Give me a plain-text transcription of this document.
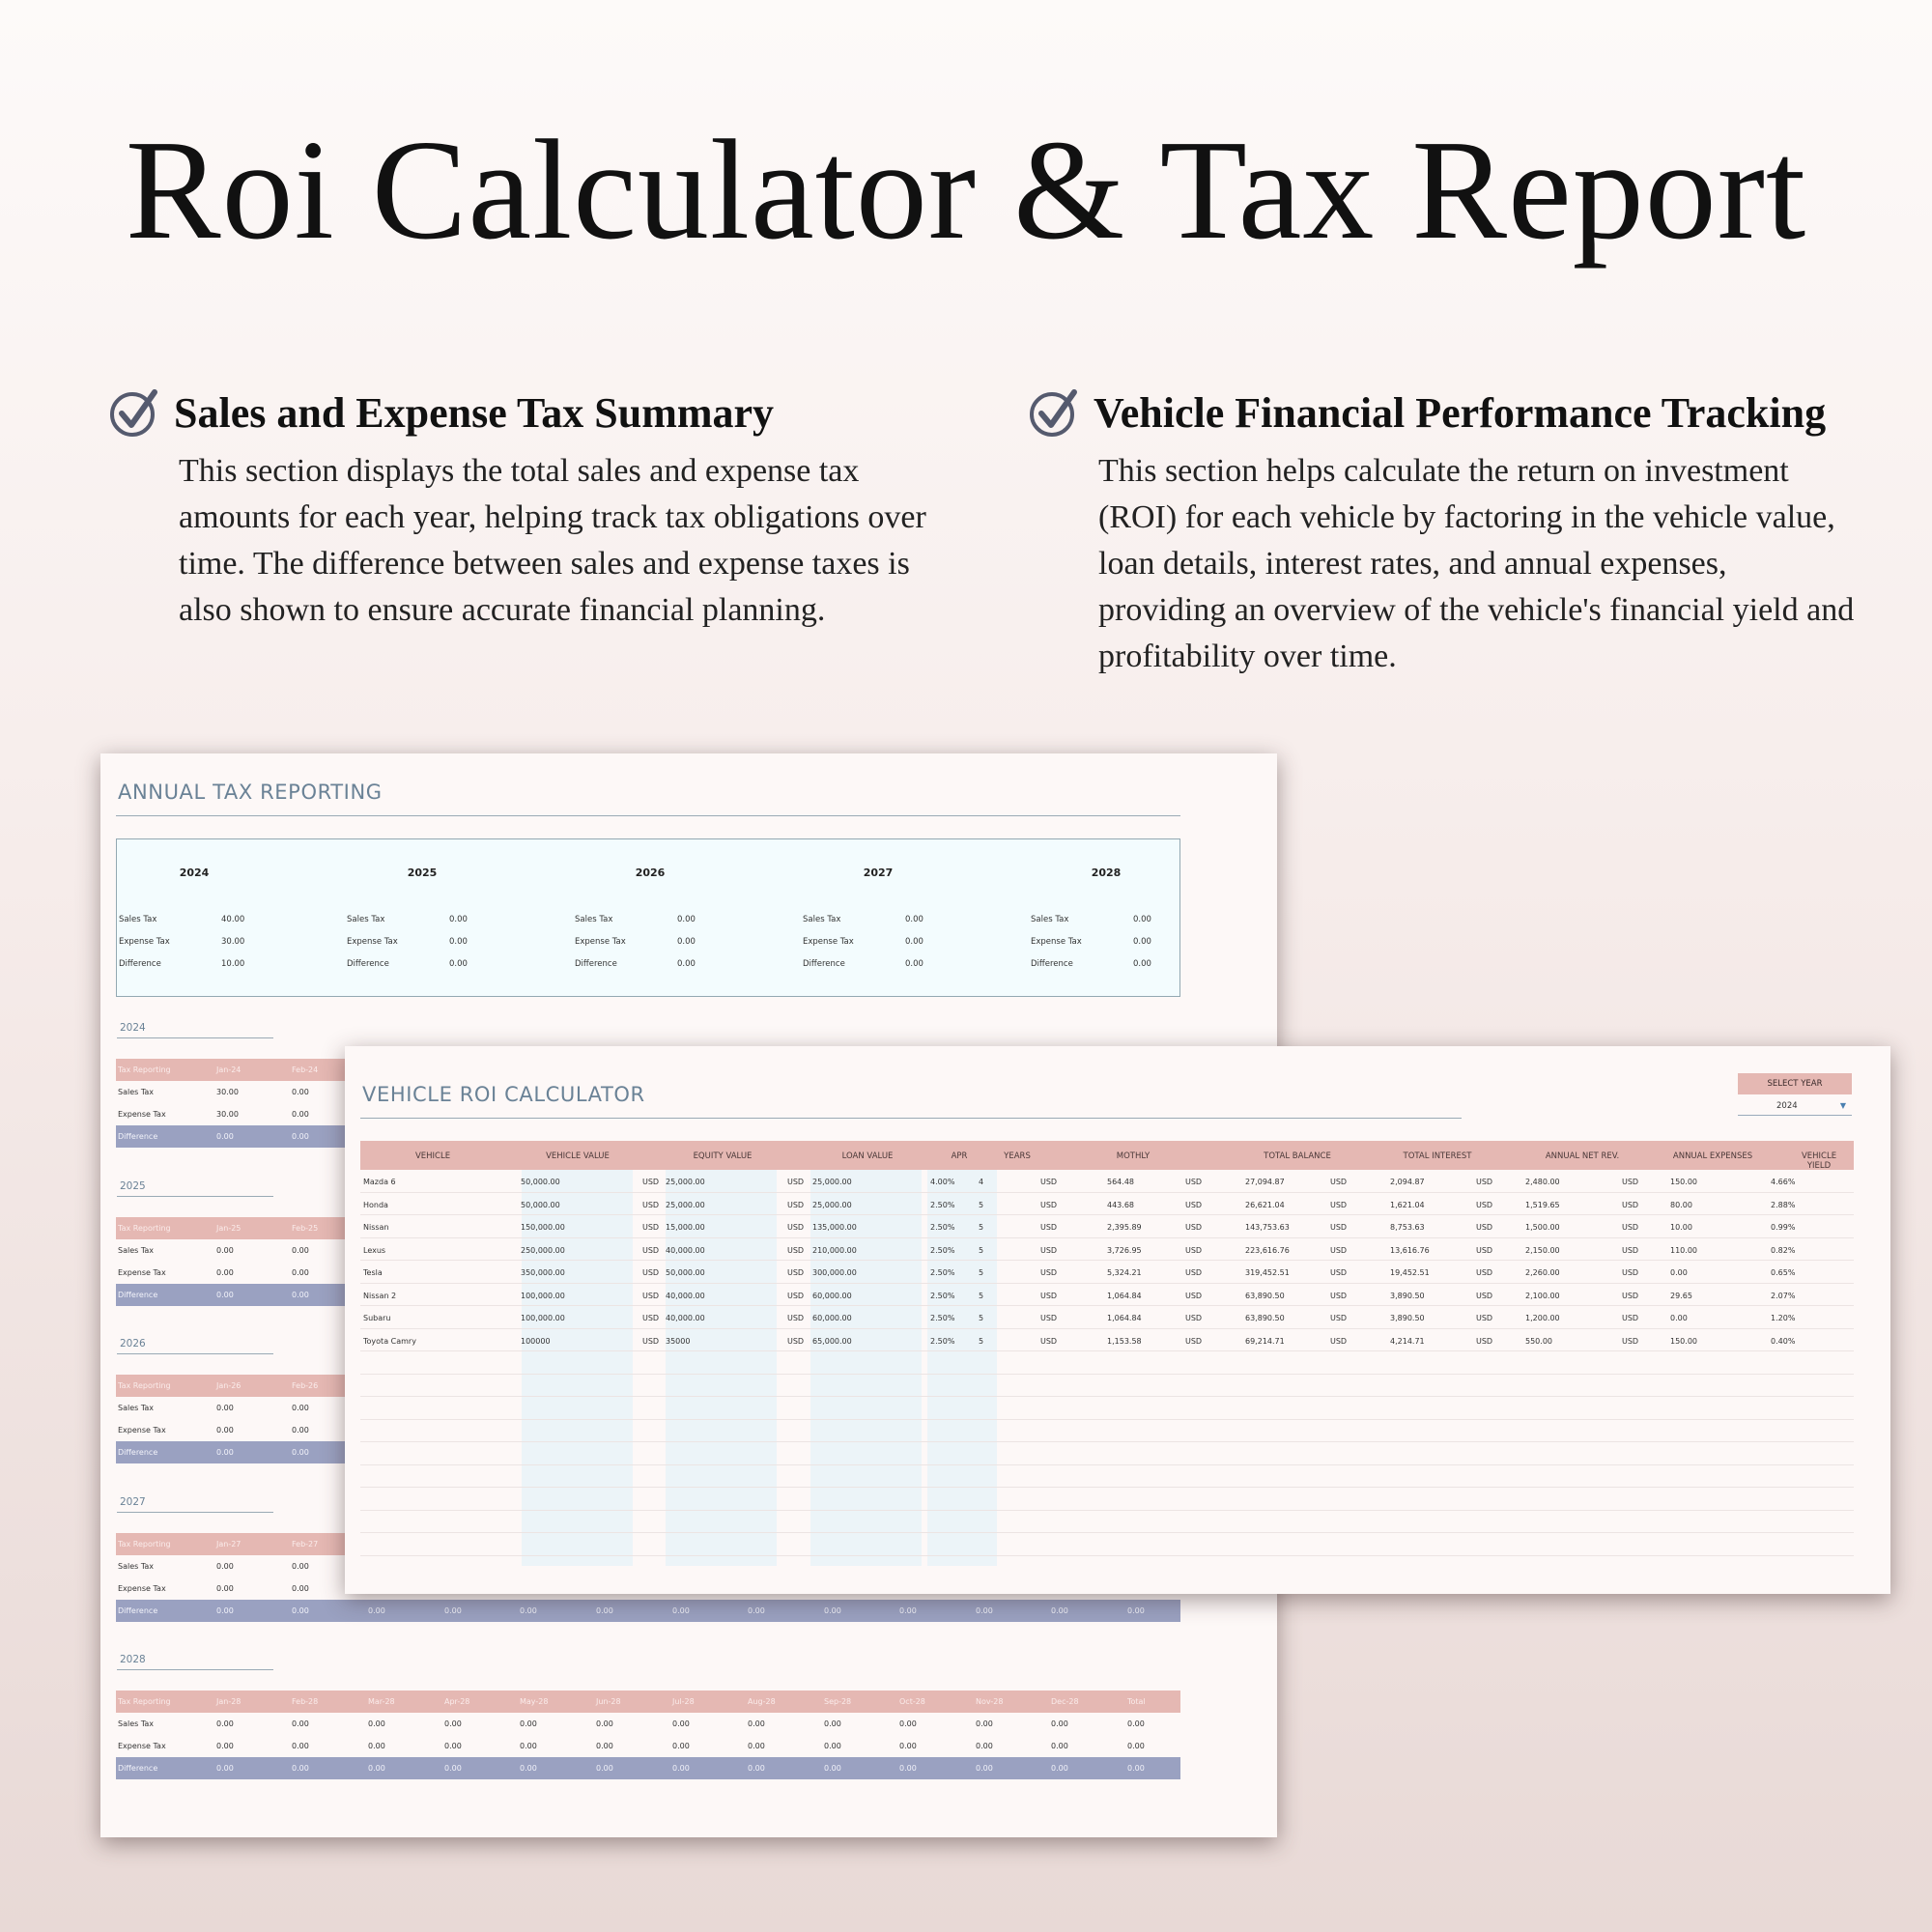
Roi Calculator & Tax Report
Sales and Expense Tax Summary

This section displays the total sales and expense tax amounts for each year, helping track tax obligations over time. The difference between sales and expense taxes is also shown to ensure accurate financial planning.

Vehicle Financial Performance Tracking

This section helps calculate the return on investment (ROI) for each vehicle by factoring in the vehicle value, loan details, interest rates, and annual expenses, providing an overview of the vehicle's financial yield and profitability over time.

ANNUAL TAX REPORTING
2024
Sales Tax	40.00
Expense Tax	30.00
Difference	10.00
2025
Sales Tax	0.00
Expense Tax	0.00
Difference	0.00
2026
Sales Tax	0.00
Expense Tax	0.00
Difference	0.00
2027
Sales Tax	0.00
Expense Tax	0.00
Difference	0.00
2028
Sales Tax	0.00
Expense Tax	0.00
Difference	0.00
2024
Tax Reporting	Jan-24	Feb-24
Sales Tax	30.00	0.00
Expense Tax	30.00	0.00
Difference	0.00	0.00
2025
Tax Reporting	Jan-25	Feb-25
Sales Tax	0.00	0.00
Expense Tax	0.00	0.00
Difference	0.00	0.00
2026
Tax Reporting	Jan-26	Feb-26
Sales Tax	0.00	0.00
Expense Tax	0.00	0.00
Difference	0.00	0.00
2027
Tax Reporting	Jan-27	Feb-27
Sales Tax	0.00	0.00
Expense Tax	0.00	0.00
Difference	0.00	0.00	0.00	0.00	0.00	0.00	0.00	0.00	0.00	0.00	0.00	0.00	0.00
2028
Tax Reporting	Jan-28	Feb-28	Mar-28	Apr-28	May-28	Jun-28	Jul-28	Aug-28	Sep-28	Oct-28	Nov-28	Dec-28	Total
Sales Tax	0.00	0.00	0.00	0.00	0.00	0.00	0.00	0.00	0.00	0.00	0.00	0.00	0.00
Expense Tax	0.00	0.00	0.00	0.00	0.00	0.00	0.00	0.00	0.00	0.00	0.00	0.00	0.00
Difference	0.00	0.00	0.00	0.00	0.00	0.00	0.00	0.00	0.00	0.00	0.00	0.00	0.00
VEHICLE ROI CALCULATOR	SELECT YEAR
2024	▼
VEHICLE	VEHICLE VALUE	EQUITY VALUE	LOAN VALUE	APR	YEARS	MOTHLY	TOTAL BALANCE	TOTAL INTEREST	ANNUAL NET REV.	ANNUAL EXPENSES	VEHICLE YIELD
Mazda 6	50,000.00	USD 25,000.00	USD 25,000.00	4.00%	4	USD	564.48	USD	27,094.87	USD	2,094.87	USD	2,480.00	USD	150.00	4.66%
Honda	50,000.00	USD 25,000.00	USD 25,000.00	2.50%	5	USD	443.68	USD	26,621.04	USD	1,621.04	USD	1,519.65	USD	80.00	2.88%
Nissan	150,000.00	USD 15,000.00	USD 135,000.00	2.50%	5	USD	2,395.89	USD	143,753.63	USD	8,753.63	USD	1,500.00	USD	10.00	0.99%
Lexus	250,000.00	USD 40,000.00	USD 210,000.00	2.50%	5	USD	3,726.95	USD	223,616.76	USD	13,616.76	USD	2,150.00	USD	110.00	0.82%
Tesla	350,000.00	USD 50,000.00	USD 300,000.00	2.50%	5	USD	5,324.21	USD	319,452.51	USD	19,452.51	USD	2,260.00	USD	0.00	0.65%
Nissan 2	100,000.00	USD 40,000.00	USD 60,000.00	2.50%	5	USD	1,064.84	USD	63,890.50	USD	3,890.50	USD	2,100.00	USD	29.65	2.07%
Subaru	100,000.00	USD 40,000.00	USD 60,000.00	2.50%	5	USD	1,064.84	USD	63,890.50	USD	3,890.50	USD	1,200.00	USD	0.00	1.20%
Toyota Camry	100000	USD 35000	USD 65,000.00	2.50%	5	USD	1,153.58	USD	69,214.71	USD	4,214.71	USD	550.00	USD	150.00	0.40%
